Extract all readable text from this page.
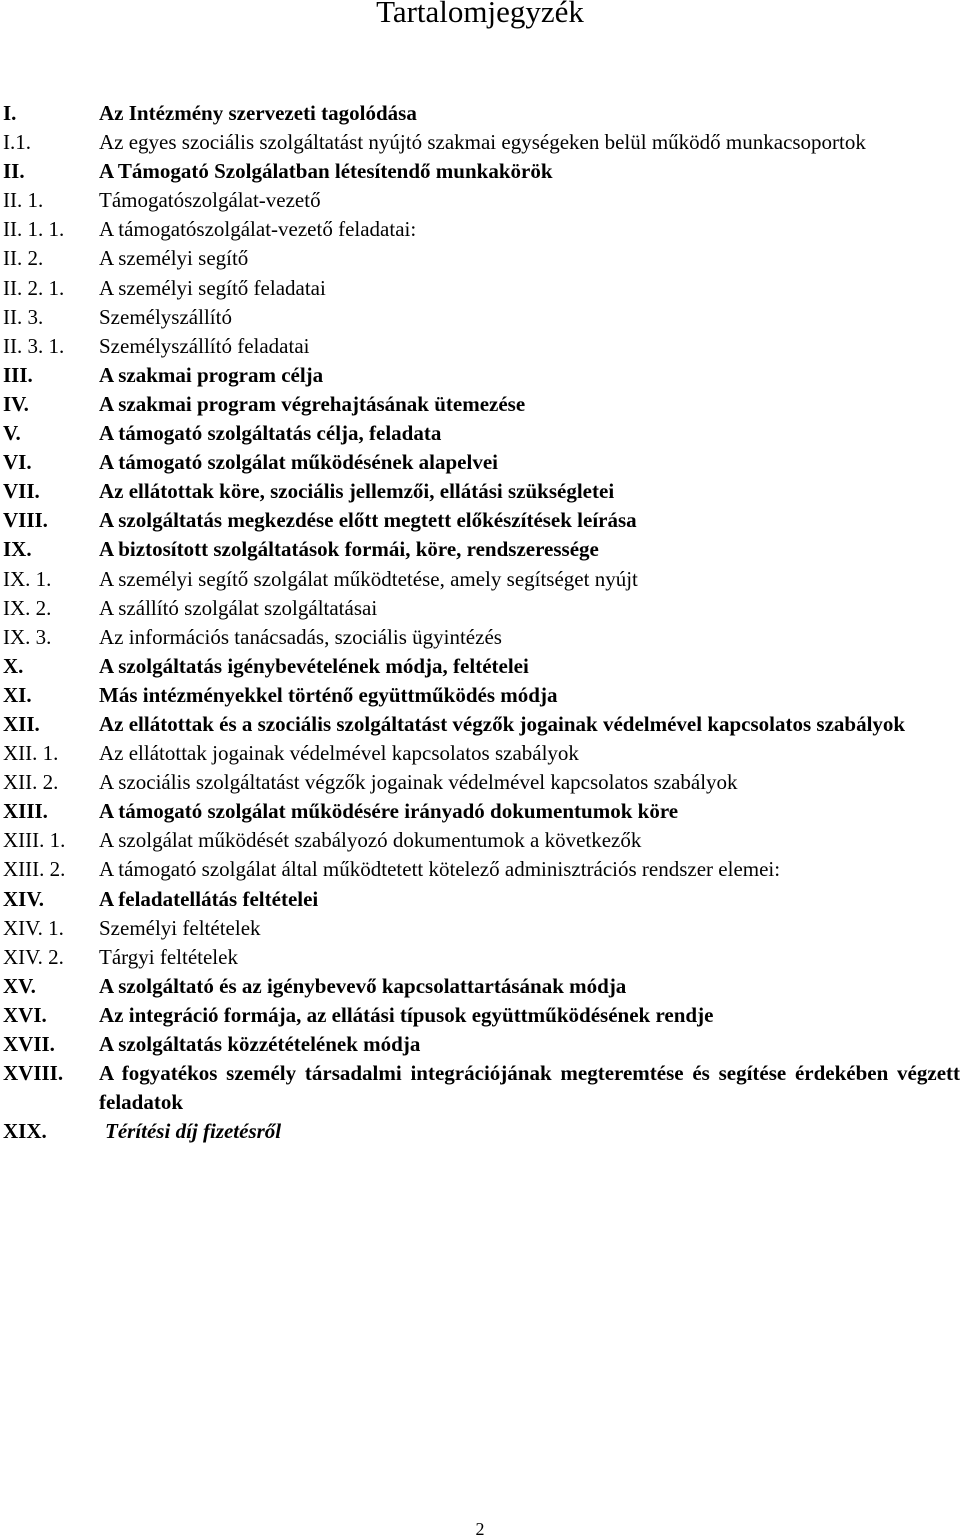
Tartalomjegyzék
I.	Az Intézmény szervezeti tagolódása
I.1.	Az egyes szociális szolgáltatást nyújtó szakmai egységeken belül működő munkacsoportok
II.	A Támogató Szolgálatban létesítendő munkakörök
II. 1.	Támogatószolgálat-vezető
II. 1. 1.	A támogatószolgálat-vezető feladatai:
II. 2.	A személyi segítő
II. 2. 1.	A személyi segítő feladatai
II. 3.	Személyszállító
II. 3. 1.	Személyszállító feladatai
III.	A szakmai program célja
IV.	A szakmai program végrehajtásának ütemezése
V.	A támogató szolgáltatás célja, feladata
VI.	A támogató szolgálat működésének alapelvei
VII.	Az ellátottak köre, szociális jellemzői, ellátási szükségletei
VIII.	A szolgáltatás megkezdése előtt megtett előkészítések leírása
IX.	A biztosított szolgáltatások formái, köre, rendszeressége
IX. 1.	A személyi segítő szolgálat működtetése, amely segítséget nyújt
IX. 2.	A szállító szolgálat szolgáltatásai
IX. 3.	Az információs tanácsadás, szociális ügyintézés
X.	A szolgáltatás igénybevételének módja, feltételei
XI.	Más intézményekkel történő együttműködés módja
XII.	Az ellátottak és a szociális szolgáltatást végzők jogainak védelmével kapcsolatos szabályok
XII. 1.	Az ellátottak jogainak védelmével kapcsolatos szabályok
XII. 2.	A szociális szolgáltatást végzők jogainak védelmével kapcsolatos szabályok
XIII.	A támogató szolgálat működésére irányadó dokumentumok köre
XIII. 1.	A szolgálat működését szabályozó dokumentumok a következők
XIII. 2.	A támogató szolgálat által működtetett kötelező adminisztrációs rendszer elemei:
XIV.	A feladatellátás feltételei
XIV. 1.	Személyi feltételek
XIV. 2.	Tárgyi feltételek
XV.	A szolgáltató és az igénybevevő kapcsolattartásának módja
XVI.	Az integráció formája, az ellátási típusok együttműködésének rendje
XVII.	A szolgáltatás közzétételének módja
XVIII.	A fogyatékos személy társadalmi integrációjának megteremtése és segítése érdekében végzett feladatok
XIX.	Térítési díj fizetésről
2
